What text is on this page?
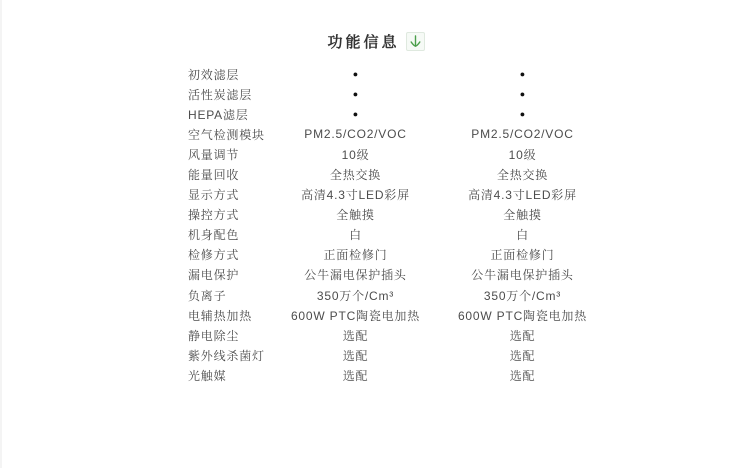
功能信息
初效滤层	●	●
活性炭滤层	●	●
HEPA滤层	●	●
空气检测模块	PM2.5/CO2/VOC	PM2.5/CO2/VOC
风量调节	10级	10级
能量回收	全热交换	全热交换
显示方式	高清4.3寸LED彩屏	高清4.3寸LED彩屏
操控方式	全触摸	全触摸
机身配色	白	白
检修方式	正面检修门	正面检修门
漏电保护	公牛漏电保护插头	公牛漏电保护插头
负离子	350万个/Cm³	350万个/Cm³
电辅热加热	600W PTC陶瓷电加热	600W PTC陶瓷电加热
静电除尘	选配	选配
紫外线杀菌灯	选配	选配
光触媒	选配	选配
